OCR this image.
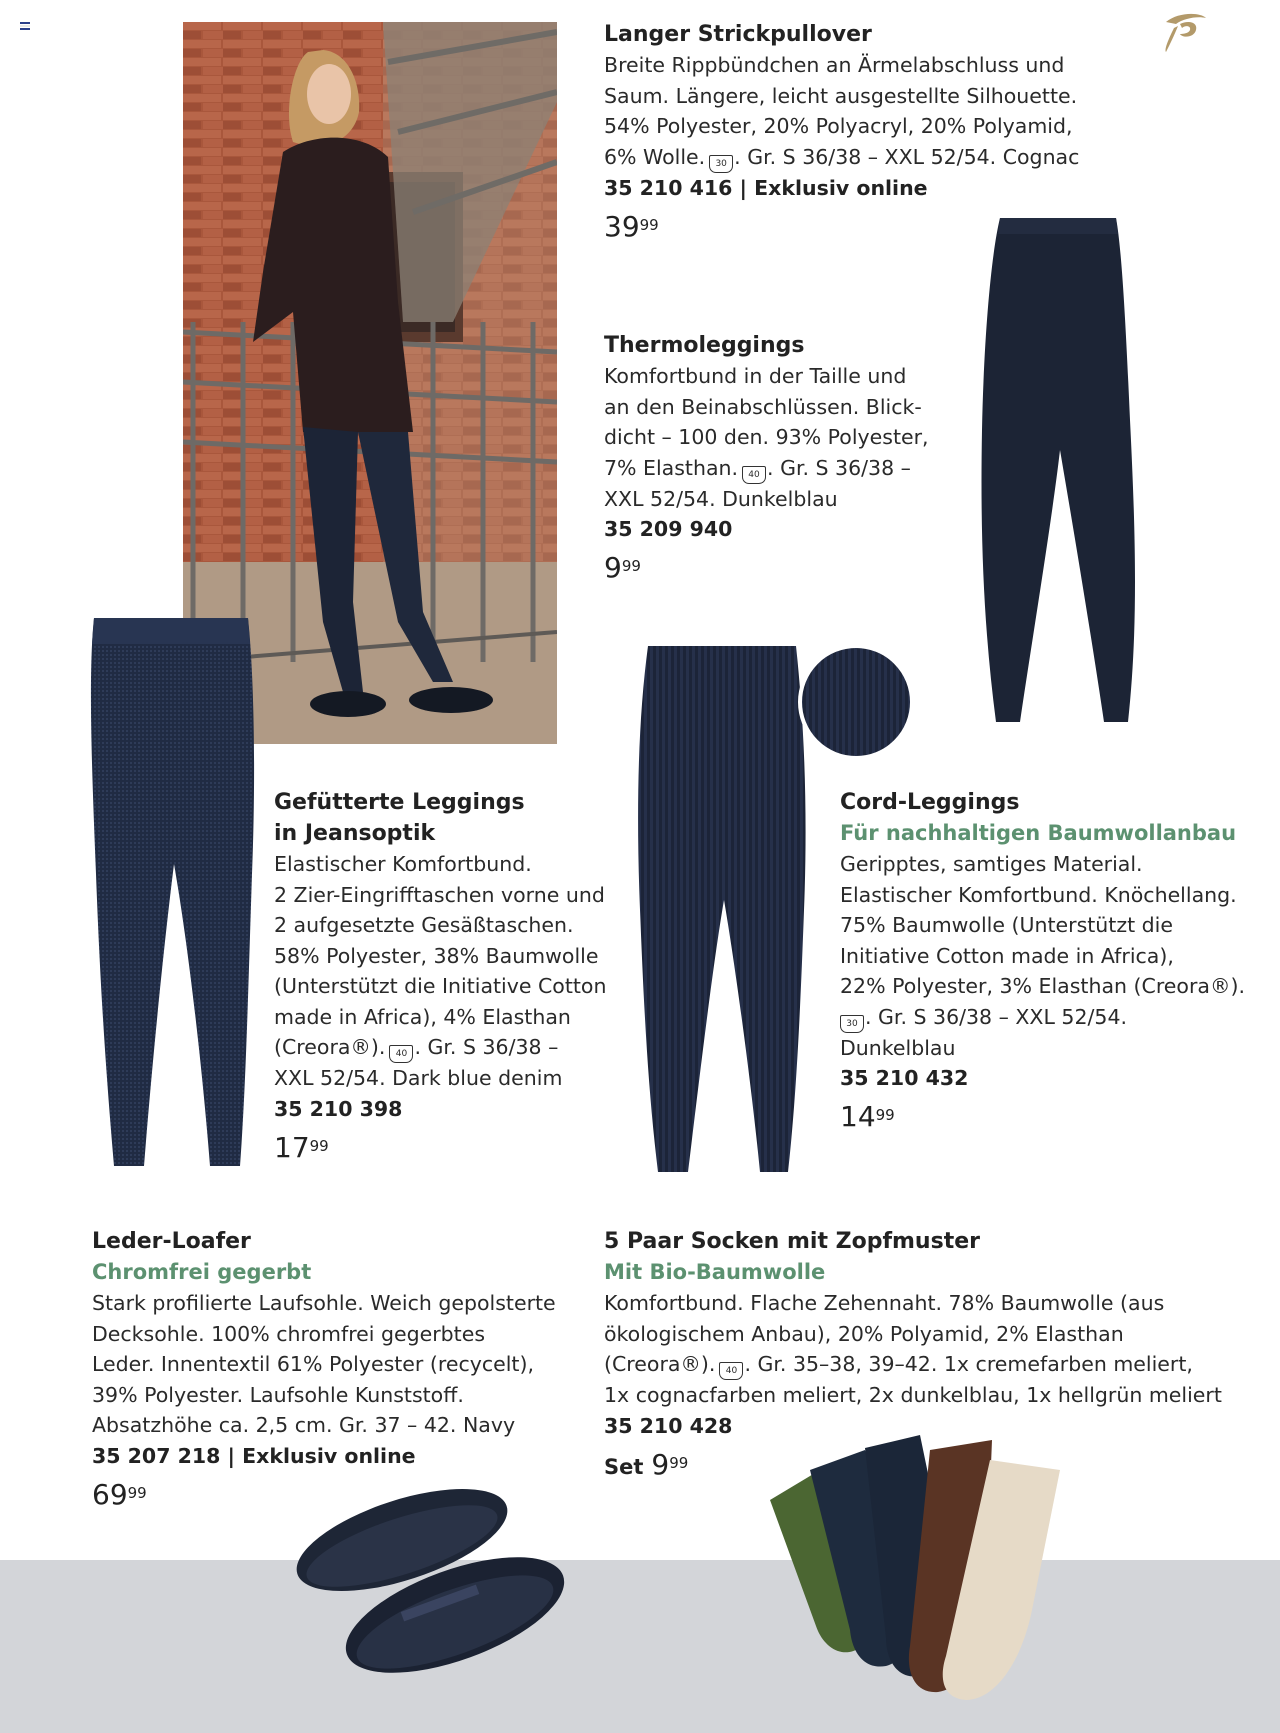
Langer Strickpullover

Breite Rippbündchen an Ärmelabschluss und

Saum. Längere, leicht ausgestellte Silhouette.

54% Polyester, 20% Polyacryl, 20% Polyamid,

6% Wolle. 30 . Gr. S 36/38 – XXL 52/54. Cognac

35 210 416 | Exklusiv online
$39^{99}$
Thermoleggings

Komfortbund in der Taille und

an den Beinabschlüssen. Blick-

dicht – 100 den. 93% Polyester,

7% Elasthan. 40 . Gr. S 36/38 –

XXL 52/54. Dunkelblau

35 209 940
$9^{99}$
Gefütterte Leggings
in Jeansoptik

Elastischer Komfortbund.

2 Zier-Eingrifftaschen vorne und

2 aufgesetzte Gesäßtaschen.

58% Polyester, 38% Baumwolle

(Unterstützt die Initiative Cotton

made in Africa), 4% Elasthan

(Creora®). 40 . Gr. S 36/38 –

XXL 52/54. Dark blue denim

35 210 398
$17^{99}$
Cord-Leggings
Für nachhaltigen Baumwollanbau

Geripptes, samtiges Material.

Elastischer Komfortbund. Knöchellang.

75% Baumwolle (Unterstützt die

Initiative Cotton made in Africa),

22% Polyester, 3% Elasthan (Creora®).

30 . Gr. S 36/38 – XXL 52/54.

Dunkelblau

35 210 432
$14^{99}$
Leder-Loafer
Chromfrei gegerbt

Stark profilierte Laufsohle. Weich gepolsterte

Decksohle. 100% chromfrei gegerbtes

Leder. Innentextil 61% Polyester (recycelt),

39% Polyester. Laufsohle Kunststoff.

Absatzhöhe ca. 2,5 cm. Gr. 37 – 42. Navy

35 207 218 | Exklusiv online
$69^{99}$
5 Paar Socken mit Zopfmuster
Mit Bio-Baumwolle

Komfortbund. Flache Zehennaht. 78% Baumwolle (aus

ökologischem Anbau), 20% Polyamid, 2% Elasthan

(Creora®). 40 . Gr. 35–38, 39–42. 1x cremefarben meliert,

1x cognacfarben meliert, 2x dunkelblau, 1x hellgrün meliert

35 210 428
Set $9^{99}$
